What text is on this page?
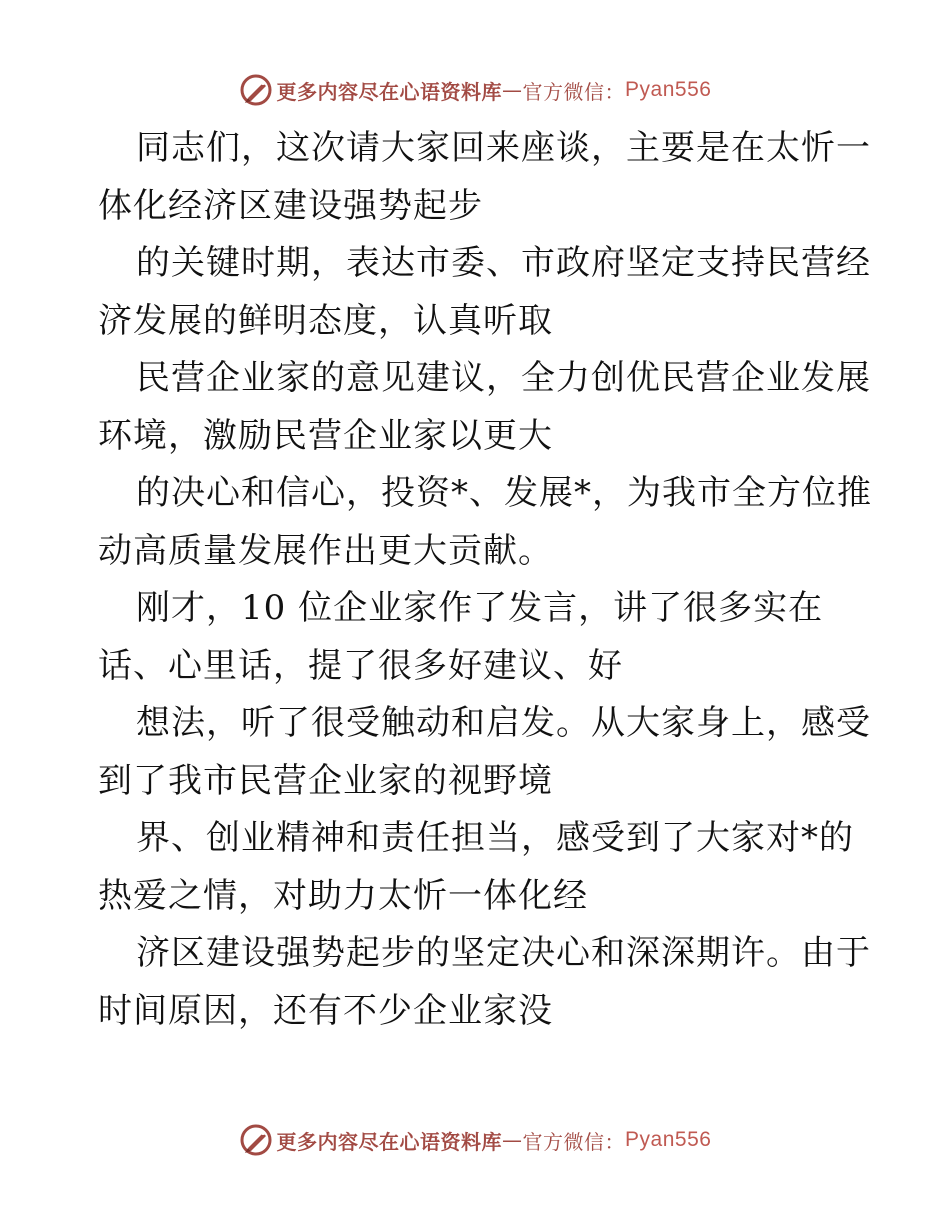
更多内容尽在心语资料库 — 官方微信： Pyan556
同志们，这次请大家回来座谈，主要是在太忻一
体化经济区建设强势起步
的关键时期，表达市委、市政府坚定支持民营经
济发展的鲜明态度，认真听取
民营企业家的意见建议，全力创优民营企业发展
环境，激励民营企业家以更大
的决心和信心，投资*、发展*，为我市全方位推
动高质量发展作出更大贡献。
刚才，10 位企业家作了发言，讲了很多实在
话、心里话，提了很多好建议、好
想法，听了很受触动和启发。从大家身上，感受
到了我市民营企业家的视野境
界、创业精神和责任担当，感受到了大家对*的
热爱之情，对助力太忻一体化经
济区建设强势起步的坚定决心和深深期许。由于
时间原因，还有不少企业家没
更多内容尽在心语资料库 — 官方微信： Pyan556
